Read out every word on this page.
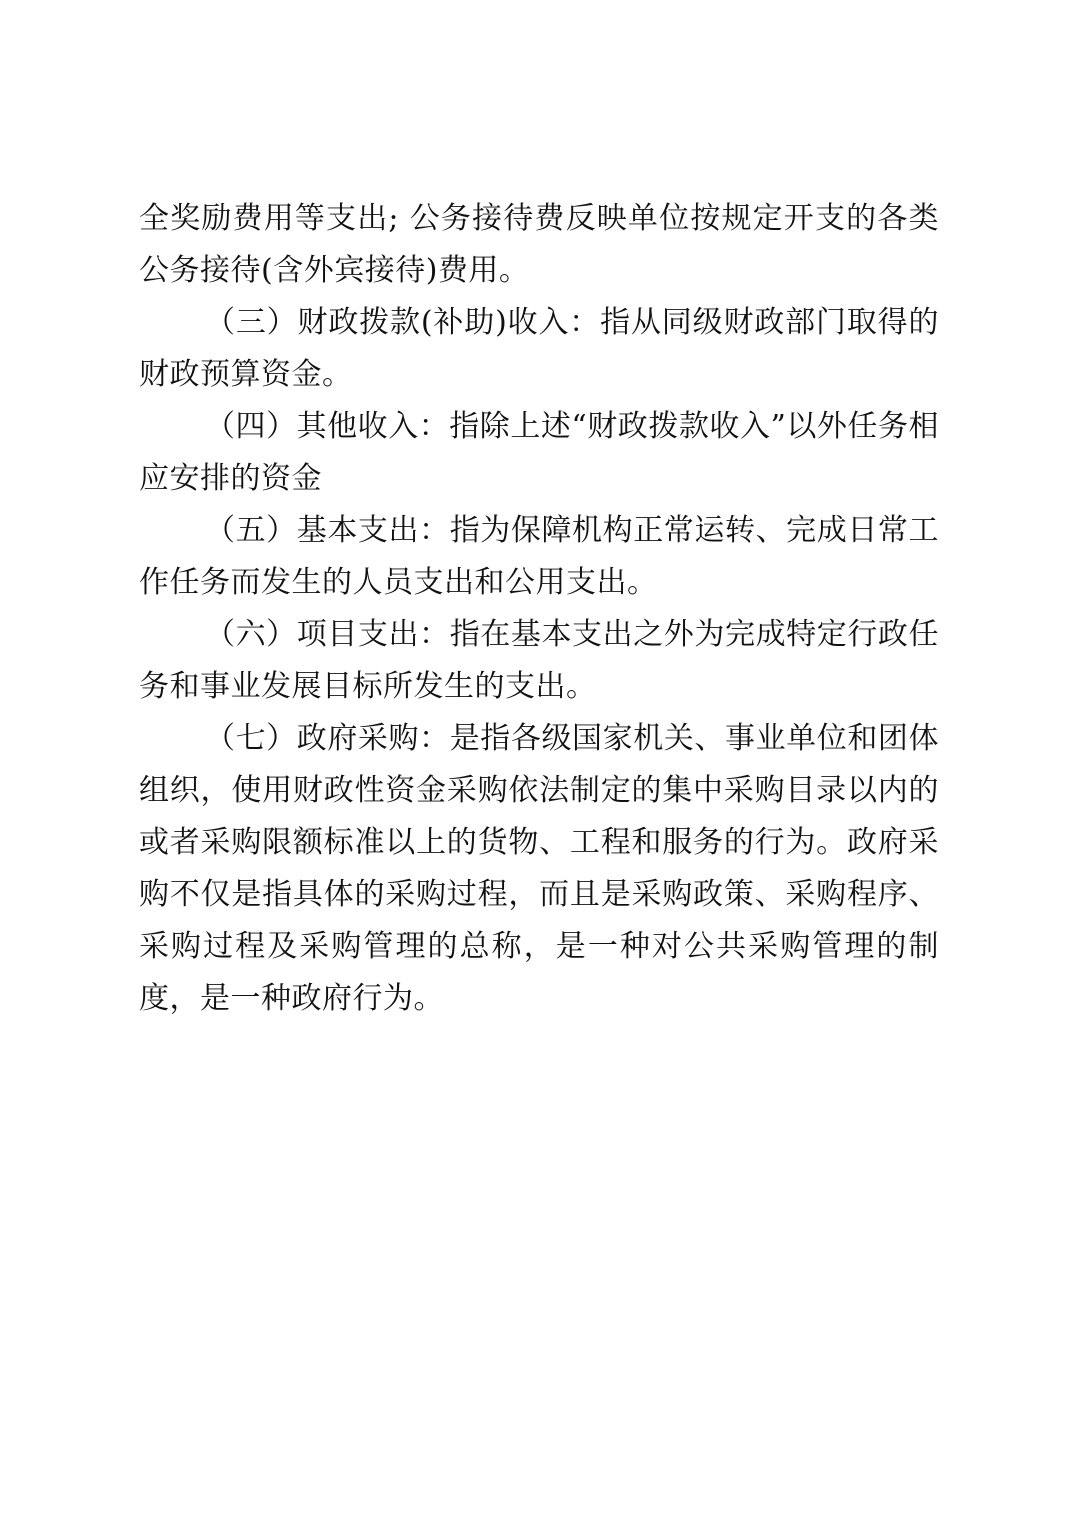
全奖励费用等支出; 公务接待费反映单位按规定开支的各类公务接待(含外宾接待)费用。

（三）财政拨款(补助)收入：指从同级财政部门取得的财政预算资金。

（四）其他收入：指除上述“财政拨款收入”以外任务相应安排的资金

（五）基本支出：指为保障机构正常运转、完成日常工作任务而发生的人员支出和公用支出。

（六）项目支出：指在基本支出之外为完成特定行政任务和事业发展目标所发生的支出。

（七）政府采购：是指各级国家机关、事业单位和团体组织，使用财政性资金采购依法制定的集中采购目录以内的或者采购限额标准以上的货物、工程和服务的行为。政府采购不仅是指具体的采购过程，而且是采购政策、采购程序、采购过程及采购管理的总称，是一种对公共采购管理的制度，是一种政府行为。
